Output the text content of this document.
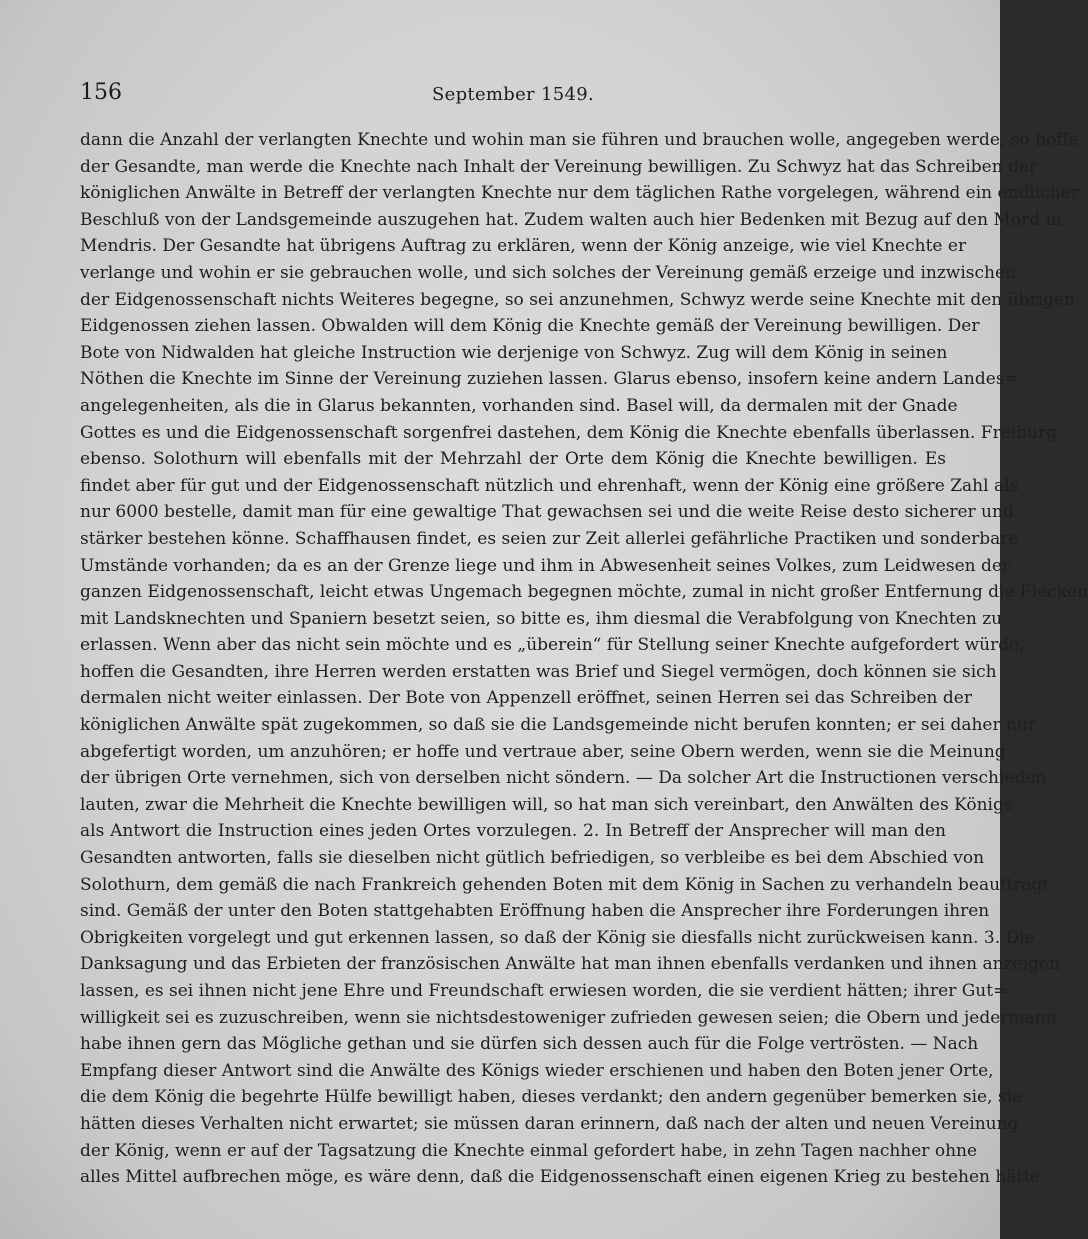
156	September 1549.
dann die Anzahl der verlangten Knechte und wohin man sie führen und brauchen wolle, angegeben werde, so hoffe
der Gesandte, man werde die Knechte nach Inhalt der Vereinung bewilligen. Zu Schwyz hat das Schreiben der
königlichen Anwälte in Betreff der verlangten Knechte nur dem täglichen Rathe vorgelegen, während ein endlicher
Beschluß von der Landsgemeinde auszugehen hat. Zudem walten auch hier Bedenken mit Bezug auf den Mord in
Mendris. Der Gesandte hat übrigens Auftrag zu erklären, wenn der König anzeige, wie viel Knechte er
verlange und wohin er sie gebrauchen wolle, und sich solches der Vereinung gemäß erzeige und inzwischen
der Eidgenossenschaft nichts Weiteres begegne, so sei anzunehmen, Schwyz werde seine Knechte mit den übrigen
Eidgenossen ziehen lassen. Obwalden will dem König die Knechte gemäß der Vereinung bewilligen. Der
Bote von Nidwalden hat gleiche Instruction wie derjenige von Schwyz. Zug will dem König in seinen
Nöthen die Knechte im Sinne der Vereinung zuziehen lassen. Glarus ebenso, insofern keine andern Landes=
angelegenheiten, als die in Glarus bekannten, vorhanden sind. Basel will, da dermalen mit der Gnade
Gottes es und die Eidgenossenschaft sorgenfrei dastehen, dem König die Knechte ebenfalls überlassen. Freiburg
ebenso. Solothurn will ebenfalls mit der Mehrzahl der Orte dem König die Knechte bewilligen. Es
findet aber für gut und der Eidgenossenschaft nützlich und ehrenhaft, wenn der König eine größere Zahl als
nur 6000 bestelle, damit man für eine gewaltige That gewachsen sei und die weite Reise desto sicherer und
stärker bestehen könne. Schaffhausen findet, es seien zur Zeit allerlei gefährliche Practiken und sonderbare
Umstände vorhanden; da es an der Grenze liege und ihm in Abwesenheit seines Volkes, zum Leidwesen der
ganzen Eidgenossenschaft, leicht etwas Ungemach begegnen möchte, zumal in nicht großer Entfernung die Flecken
mit Landsknechten und Spaniern besetzt seien, so bitte es, ihm diesmal die Verabfolgung von Knechten zu
erlassen. Wenn aber das nicht sein möchte und es „überein“ für Stellung seiner Knechte aufgefordert würde,
hoffen die Gesandten, ihre Herren werden erstatten was Brief und Siegel vermögen, doch können sie sich
dermalen nicht weiter einlassen. Der Bote von Appenzell eröffnet, seinen Herren sei das Schreiben der
königlichen Anwälte spät zugekommen, so daß sie die Landsgemeinde nicht berufen konnten; er sei daher nur
abgefertigt worden, um anzuhören; er hoffe und vertraue aber, seine Obern werden, wenn sie die Meinung
der übrigen Orte vernehmen, sich von derselben nicht söndern. — Da solcher Art die Instructionen verschieden
lauten, zwar die Mehrheit die Knechte bewilligen will, so hat man sich vereinbart, den Anwälten des Königs
als Antwort die Instruction eines jeden Ortes vorzulegen. 2. In Betreff der Ansprecher will man den
Gesandten antworten, falls sie dieselben nicht gütlich befriedigen, so verbleibe es bei dem Abschied von
Solothurn, dem gemäß die nach Frankreich gehenden Boten mit dem König in Sachen zu verhandeln beauftragt
sind. Gemäß der unter den Boten stattgehabten Eröffnung haben die Ansprecher ihre Forderungen ihren
Obrigkeiten vorgelegt und gut erkennen lassen, so daß der König sie diesfalls nicht zurückweisen kann. 3. Die
Danksagung und das Erbieten der französischen Anwälte hat man ihnen ebenfalls verdanken und ihnen anzeigen
lassen, es sei ihnen nicht jene Ehre und Freundschaft erwiesen worden, die sie verdient hätten; ihrer Gut=
willigkeit sei es zuzuschreiben, wenn sie nichtsdestoweniger zufrieden gewesen seien; die Obern und jedermann
habe ihnen gern das Mögliche gethan und sie dürfen sich dessen auch für die Folge vertrösten. — Nach
Empfang dieser Antwort sind die Anwälte des Königs wieder erschienen und haben den Boten jener Orte,
die dem König die begehrte Hülfe bewilligt haben, dieses verdankt; den andern gegenüber bemerken sie, sie
hätten dieses Verhalten nicht erwartet; sie müssen daran erinnern, daß nach der alten und neuen Vereinung
der König, wenn er auf der Tagsatzung die Knechte einmal gefordert habe, in zehn Tagen nachher ohne
alles Mittel aufbrechen möge, es wäre denn, daß die Eidgenossenschaft einen eigenen Krieg zu bestehen hätte
